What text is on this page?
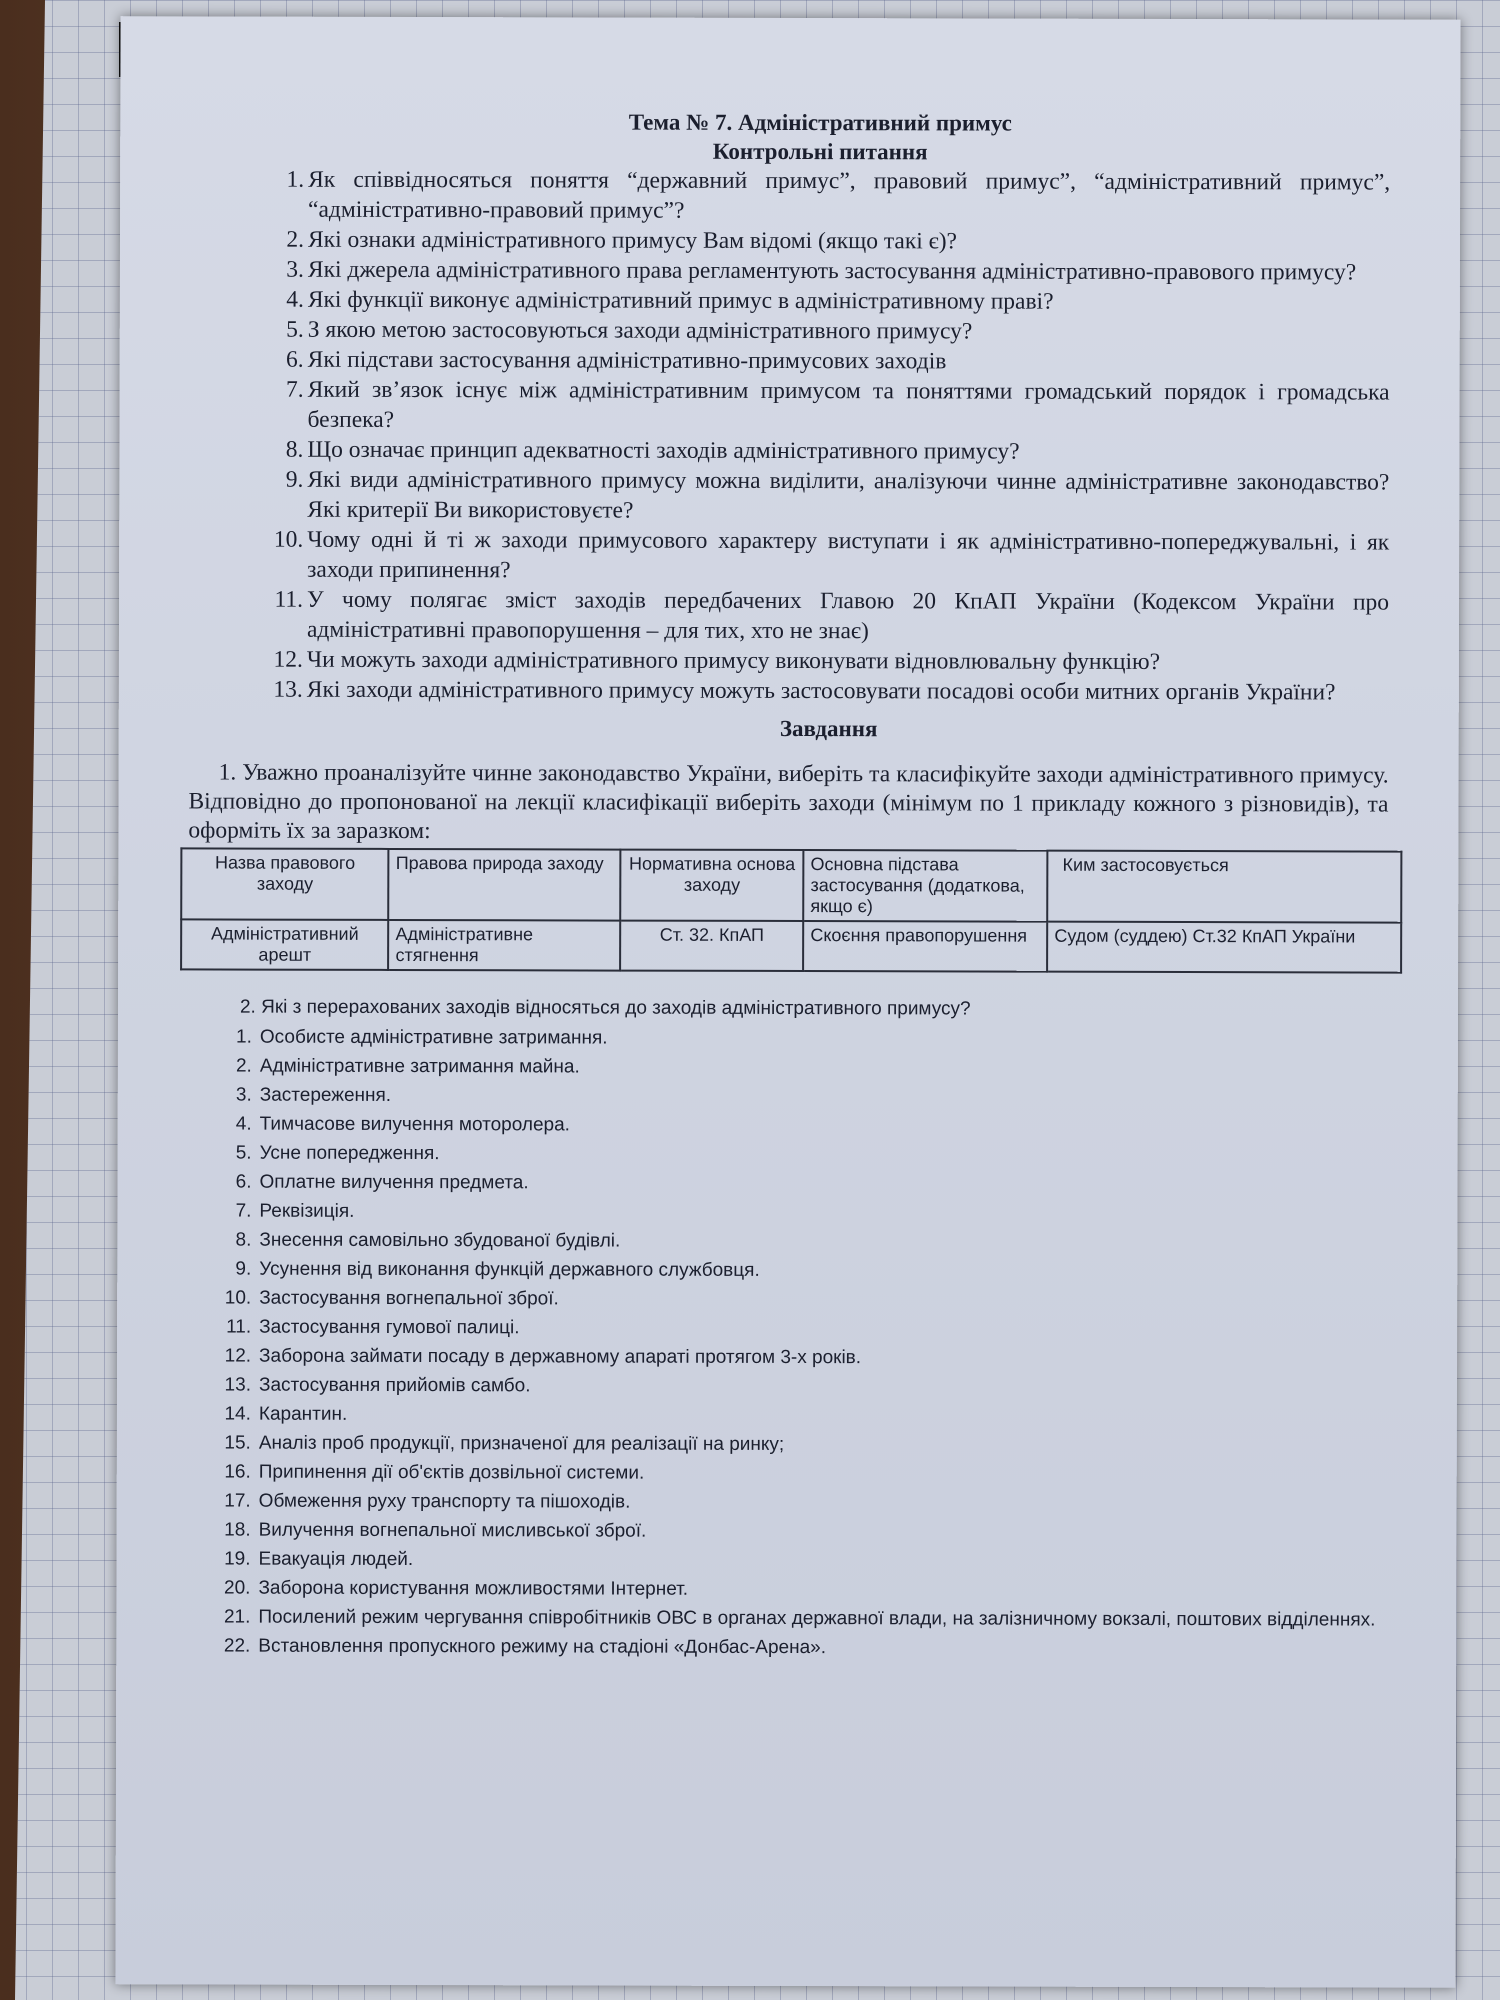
Тема № 7. Адміністративний примус
Контрольні питання
1. Як співвідносяться поняття “державний примус”, правовий примус”, “адміністративний примус”, “адміністративно-правовий примус”?
2. Які ознаки адміністративного примусу Вам відомі (якщо такі є)?
3. Які джерела адміністративного права регламентують застосування адміністративно-правового примусу?
4. Які функції виконує адміністративний примус в адміністративному праві?
5. З якою метою застосовуються заходи адміністративного примусу?
6. Які підстави застосування адміністративно-примусових заходів
7. Який зв’язок існує між адміністративним примусом та поняттями громадський порядок і громадська безпека?
8. Що означає принцип адекватності заходів адміністративного примусу?
9. Які види адміністративного примусу можна виділити, аналізуючи чинне адміністративне законодавство? Які критерії Ви використовуєте?
10. Чому одні й ті ж заходи примусового характеру виступати і як адміністративно-попереджувальні, і як заходи припинення?
11. У чому полягає зміст заходів передбачених Главою 20 КпАП України (Кодексом України про адміністративні правопорушення – для тих, хто не знає)
12. Чи можуть заходи адміністративного примусу виконувати відновлювальну функцію?
13. Які заходи адміністративного примусу можуть застосовувати посадові особи митних органів України?
Завдання

1. Уважно проаналізуйте чинне законодавство України, виберіть та класифікуйте заходи адміністративного примусу. Відповідно до пропонованої на лекції класифікації виберіть заходи (мінімум по 1 прикладу кожного з різновидів), та оформіть їх за заразком:

Назва правового заходу	Правова природа заходу	Нормативна основа заходу	Основна підстава застосування (додаткова, якщо є)	Ким застосовується
Адміністративний арешт	Адміністративне стягнення	Ст. 32. КпАП	Скоєння правопорушення	Судом (суддею) Ст.32 КпАП України
2. Які з перерахованих заходів відносяться до заходів адміністративного примусу?
1. Особисте адміністративне затримання.
2. Адміністративне затримання майна.
3. Застереження.
4. Тимчасове вилучення моторолера.
5. Усне попередження.
6. Оплатне вилучення предмета.
7. Реквізиція.
8. Знесення самовільно збудованої будівлі.
9. Усунення від виконання функцій державного службовця.
10. Застосування вогнепальної зброї.
11. Застосування гумової палиці.
12. Заборона займати посаду в державному апараті протягом 3-х років.
13. Застосування прийомів самбо.
14. Карантин.
15. Аналіз проб продукції, призначеної для реалізації на ринку;
16. Припинення дії об'єктів дозвільної системи.
17. Обмеження руху транспорту та пішоходів.
18. Вилучення вогнепальної мисливської зброї.
19. Евакуація людей.
20. Заборона користування можливостями Інтернет.
21. Посилений режим чергування співробітників ОВС в органах державної влади, на залізничному вокзалі, поштових відділеннях.
22. Встановлення пропускного режиму на стадіоні «Донбас-Арена».
